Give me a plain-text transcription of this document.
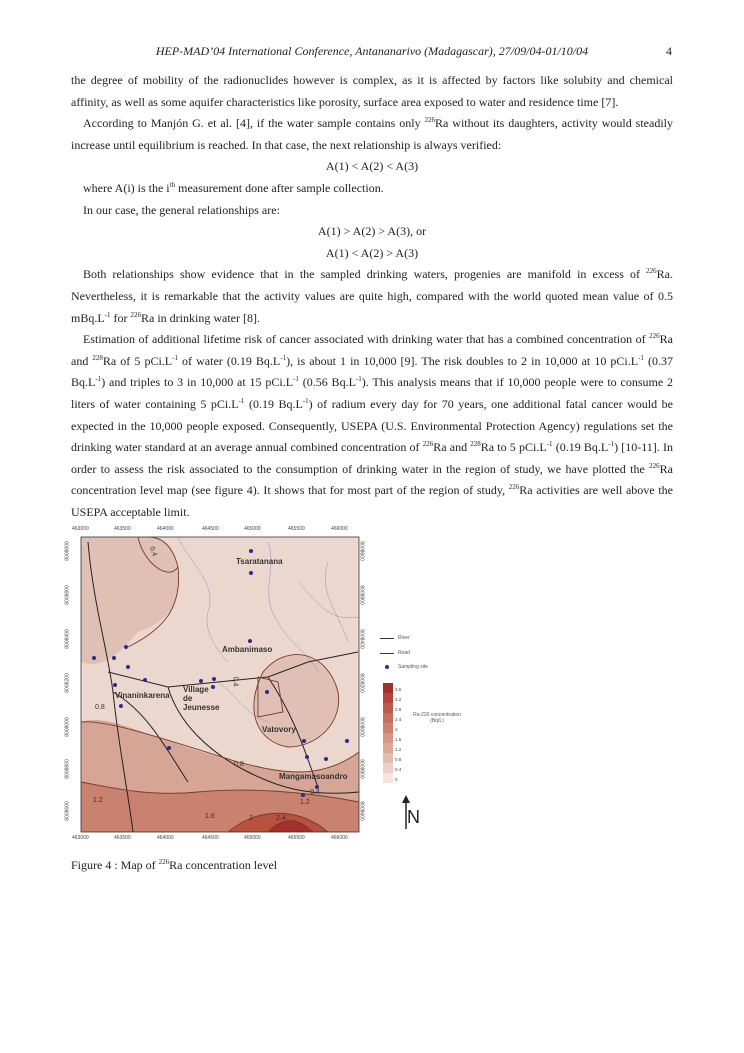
HEP-MAD’04 International Conference, Antananarivo (Madagascar), 27/09/04-01/10/04	4

the degree of mobility of the radionuclides however is complex, as it is affected by factors like solubity and chemical affinity, as well as some aquifer characteristics like porosity, surface area exposed to water and residence time [7].

According to Manjón G. et al. [4], if the water sample contains only $^{226}$Ra without its daughters, activity would steadily increase until equilibrium is reached. In that case, the next relationship is always verified:

A(1) < A(2) < A(3)

where A(i) is the $i^{th}$ measurement done after sample collection.

In our case, the general relationships are:

A(1) > A(2) > A(3), or

A(1) < A(2) > A(3)

Both relationships show evidence that in the sampled drinking waters, progenies are manifold in excess of $^{226}$Ra. Nevertheless, it is remarkable that the activity values are quite high, compared with the world quoted mean value of 0.5 $mBq.L^{-1}$ for $^{226}$Ra in drinking water [8].

Estimation of additional lifetime risk of cancer associated with drinking water that has a combined concentration of $^{226}$Ra and $^{228}$Ra of 5 $pCi.L^{-1}$ of water (0.19 $Bq.L^{-1}$), is about 1 in 10,000 [9]. The risk doubles to 2 in 10,000 at 10 $pCi.L^{-1}$ (0.37 $Bq.L^{-1}$) and triples to 3 in 10,000 at 15 $pCi.L^{-1}$ (0.56 $Bq.L^{-1}$). This analysis means that if 10,000 people were to consume 2 liters of water containing 5 $pCi.L^{-1}$ (0.19 $Bq.L^{-1}$) of radium every day for 70 years, one additional fatal cancer would be expected in the 10,000 people exposed. Consequently, USEPA (U.S. Environmental Protection Agency) regulations set the drinking water standard at an average annual combined concentration of $^{226}$Ra and $^{228}$Ra to 5 $pCi.L^{-1}$ (0.19 $Bq.L^{-1}$) [10-11]. In order to assess the risk associated to the consumption of drinking water in the region of study, we have plotted the $^{226}$Ra concentration level map (see figure 4). It shows that for most part of the region of study, $^{226}$Ra activities are well above the USEPA acceptable limit.

463000	463500	464000	464500	465000	465500	466000
463000	463500	464000	464500	465000	465500	466000
8008600
8008800
8008400
8008200
8008000
8008800
8008600
8008600
8008800
8008400
8008200
8008000
8008800
8008600
Tsaratanana
Ambanimaso
Village de Jeunesse
Vinaninkarena
Vatovory
Mangamasoandro
0.4
0.4
0.8
0.8
1.2	1.2
1.6	2	2.4
0.4
River
Road
Sampling site
3.6
3.2
2.8
2.4
2
1.6
1.2
0.8
0.4
0
Ra-226 concentration (Bq/L)
N
Figure 4 : Map of $^{226}$Ra concentration level
